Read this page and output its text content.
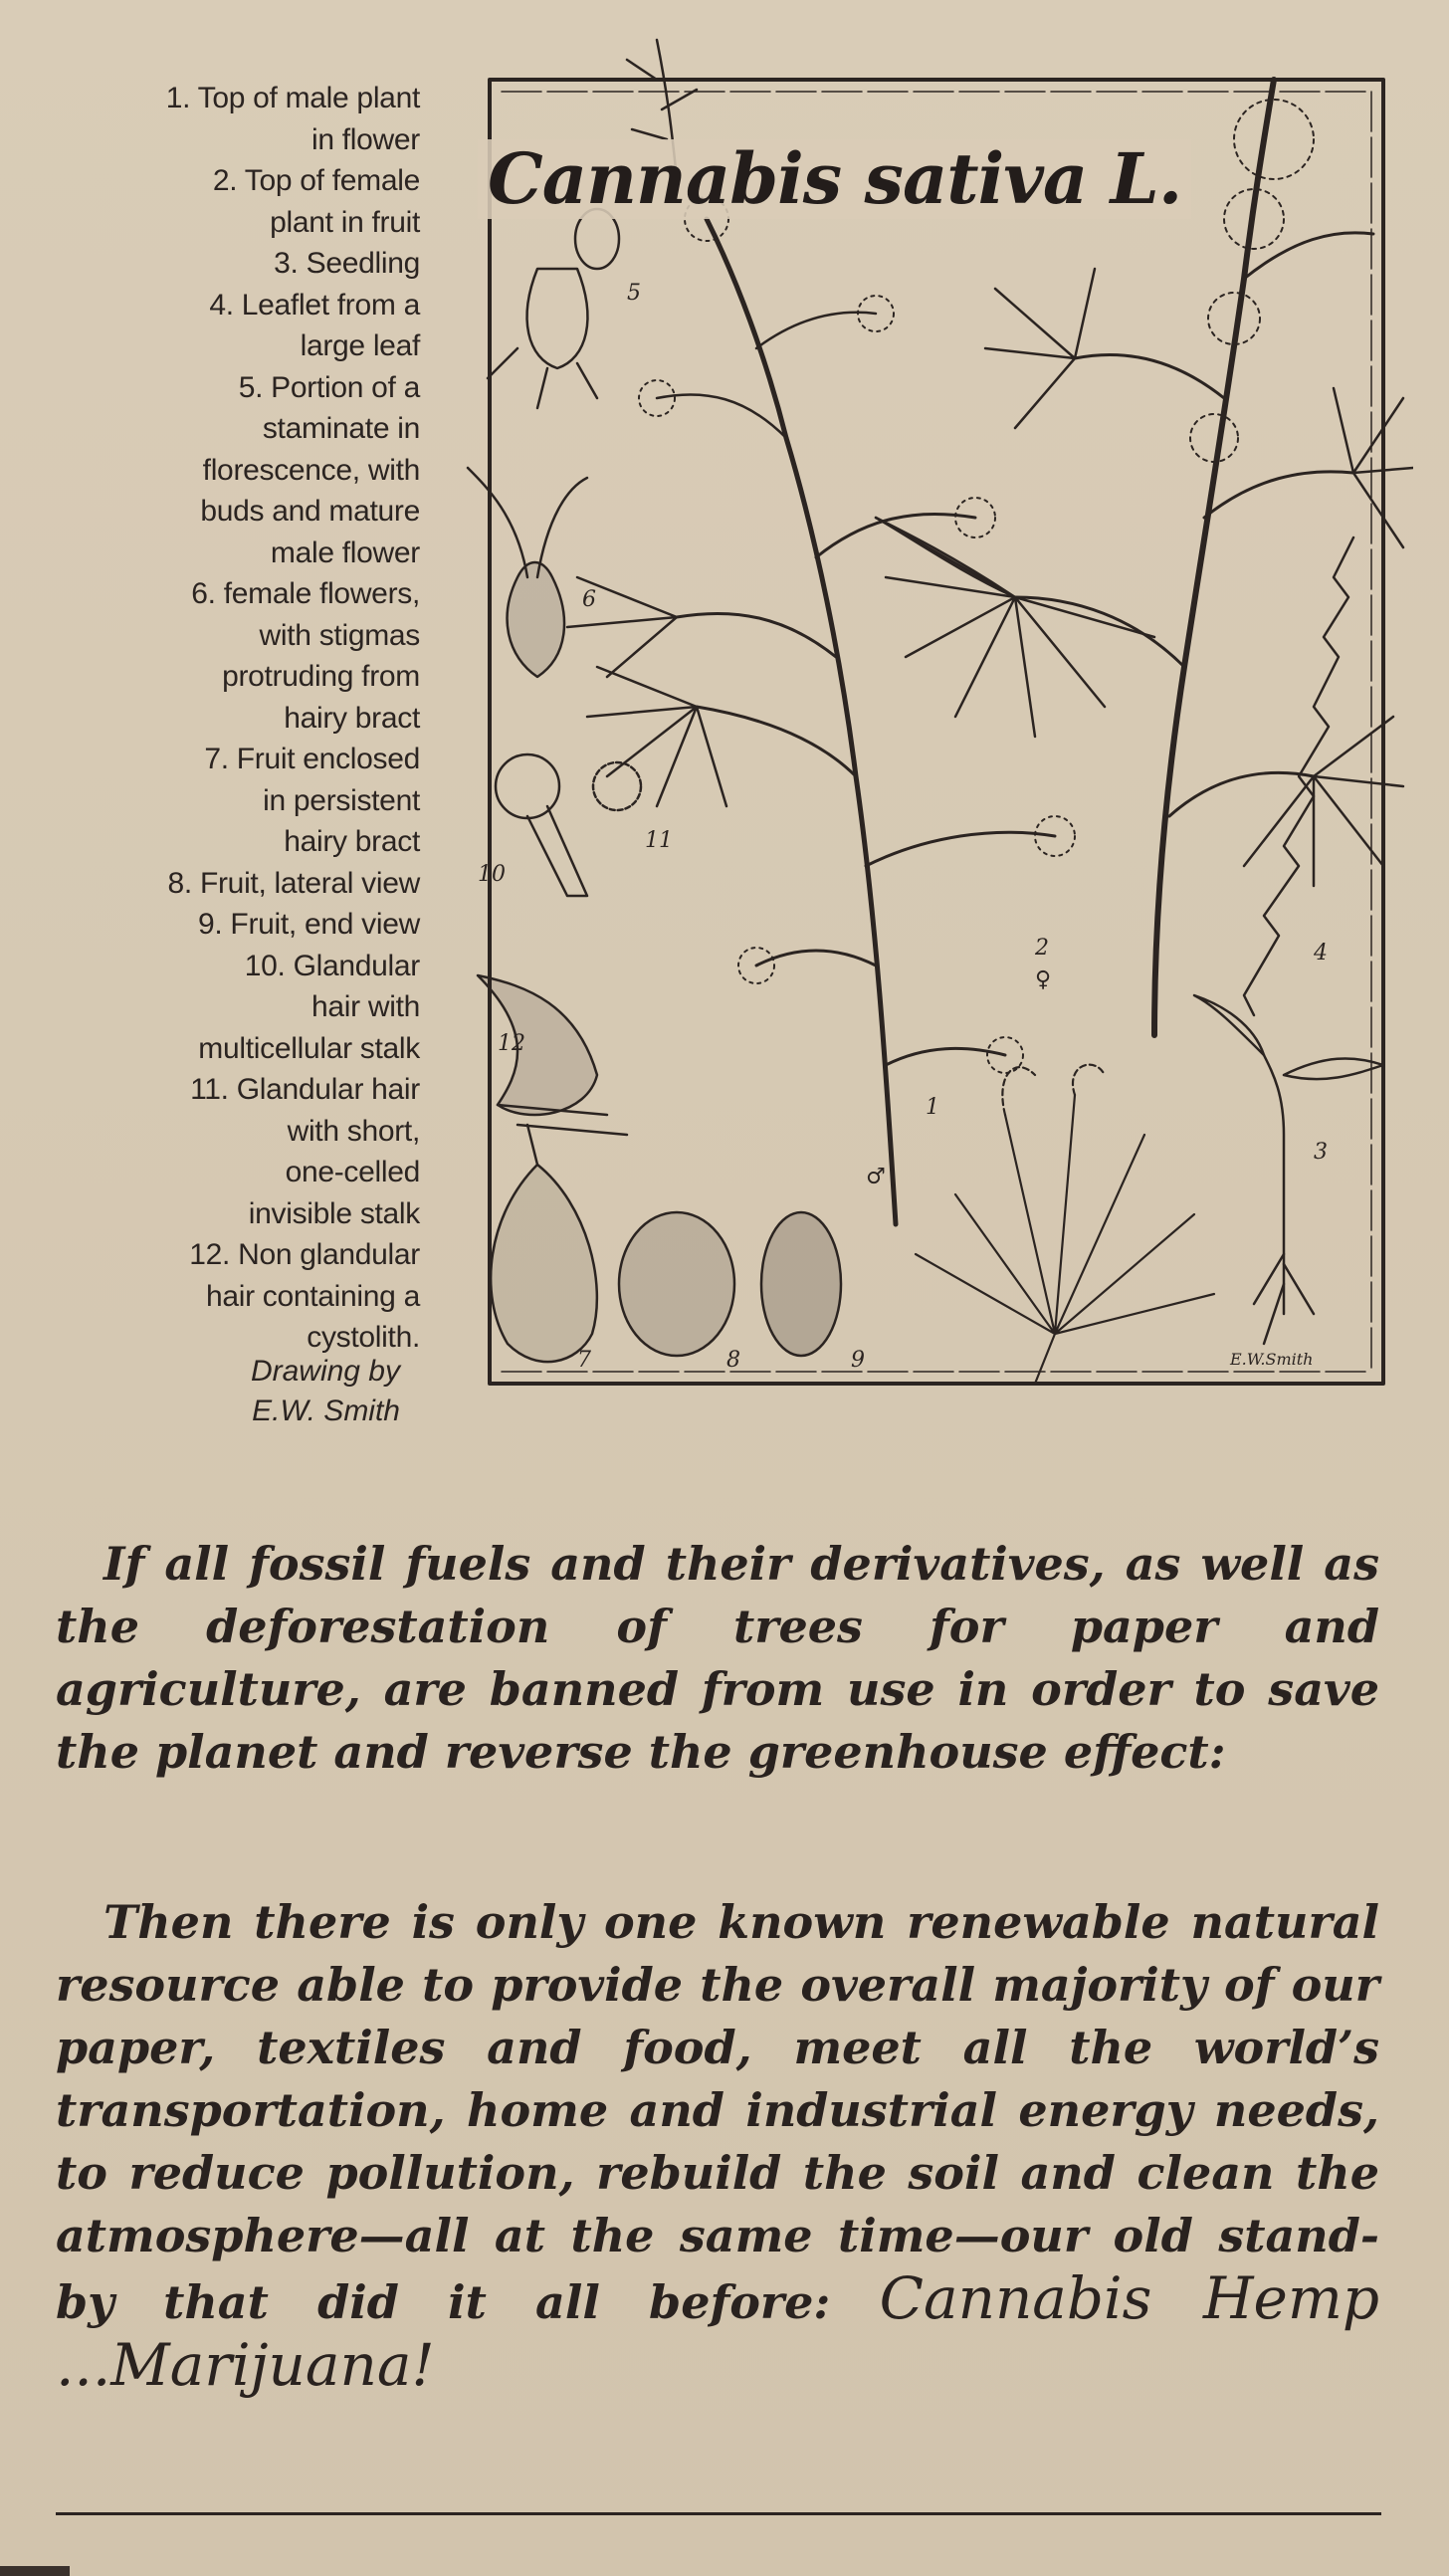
1. Top of male plant
in flower
2. Top of female
plant in fruit
3. Seedling
4. Leaflet from a
large leaf
5. Portion of a
staminate in
florescence, with
buds and mature
male flower
6. female flowers,
with stigmas
protruding from
hairy bract
7. Fruit enclosed
in persistent
hairy bract
8. Fruit, lateral view
9. Fruit, end view
10. Glandular
hair with
multicellular stalk
11. Glandular hair
with short,
one-celled
invisible stalk
12. Non glandular
hair containing a
cystolith.
Drawing by
E.W. Smith
Cannabis sativa L.
5
6
10
11
12
7	8	9
1
♂
2
♀
4
3
E.W.Smith

If all fossil fuels and their derivatives, as well as the deforestation of trees for paper and agriculture, are banned from use in order to save the planet and reverse the greenhouse effect:

Then there is only one known renewable natural resource able to provide the overall majority of our paper, textiles and food, meet all the world’s transportation, home and industrial energy needs, to reduce pollution, rebuild the soil and clean the atmosphere—all at the same time—our old stand-by that did it all before: Cannabis Hemp ...Marijuana!
